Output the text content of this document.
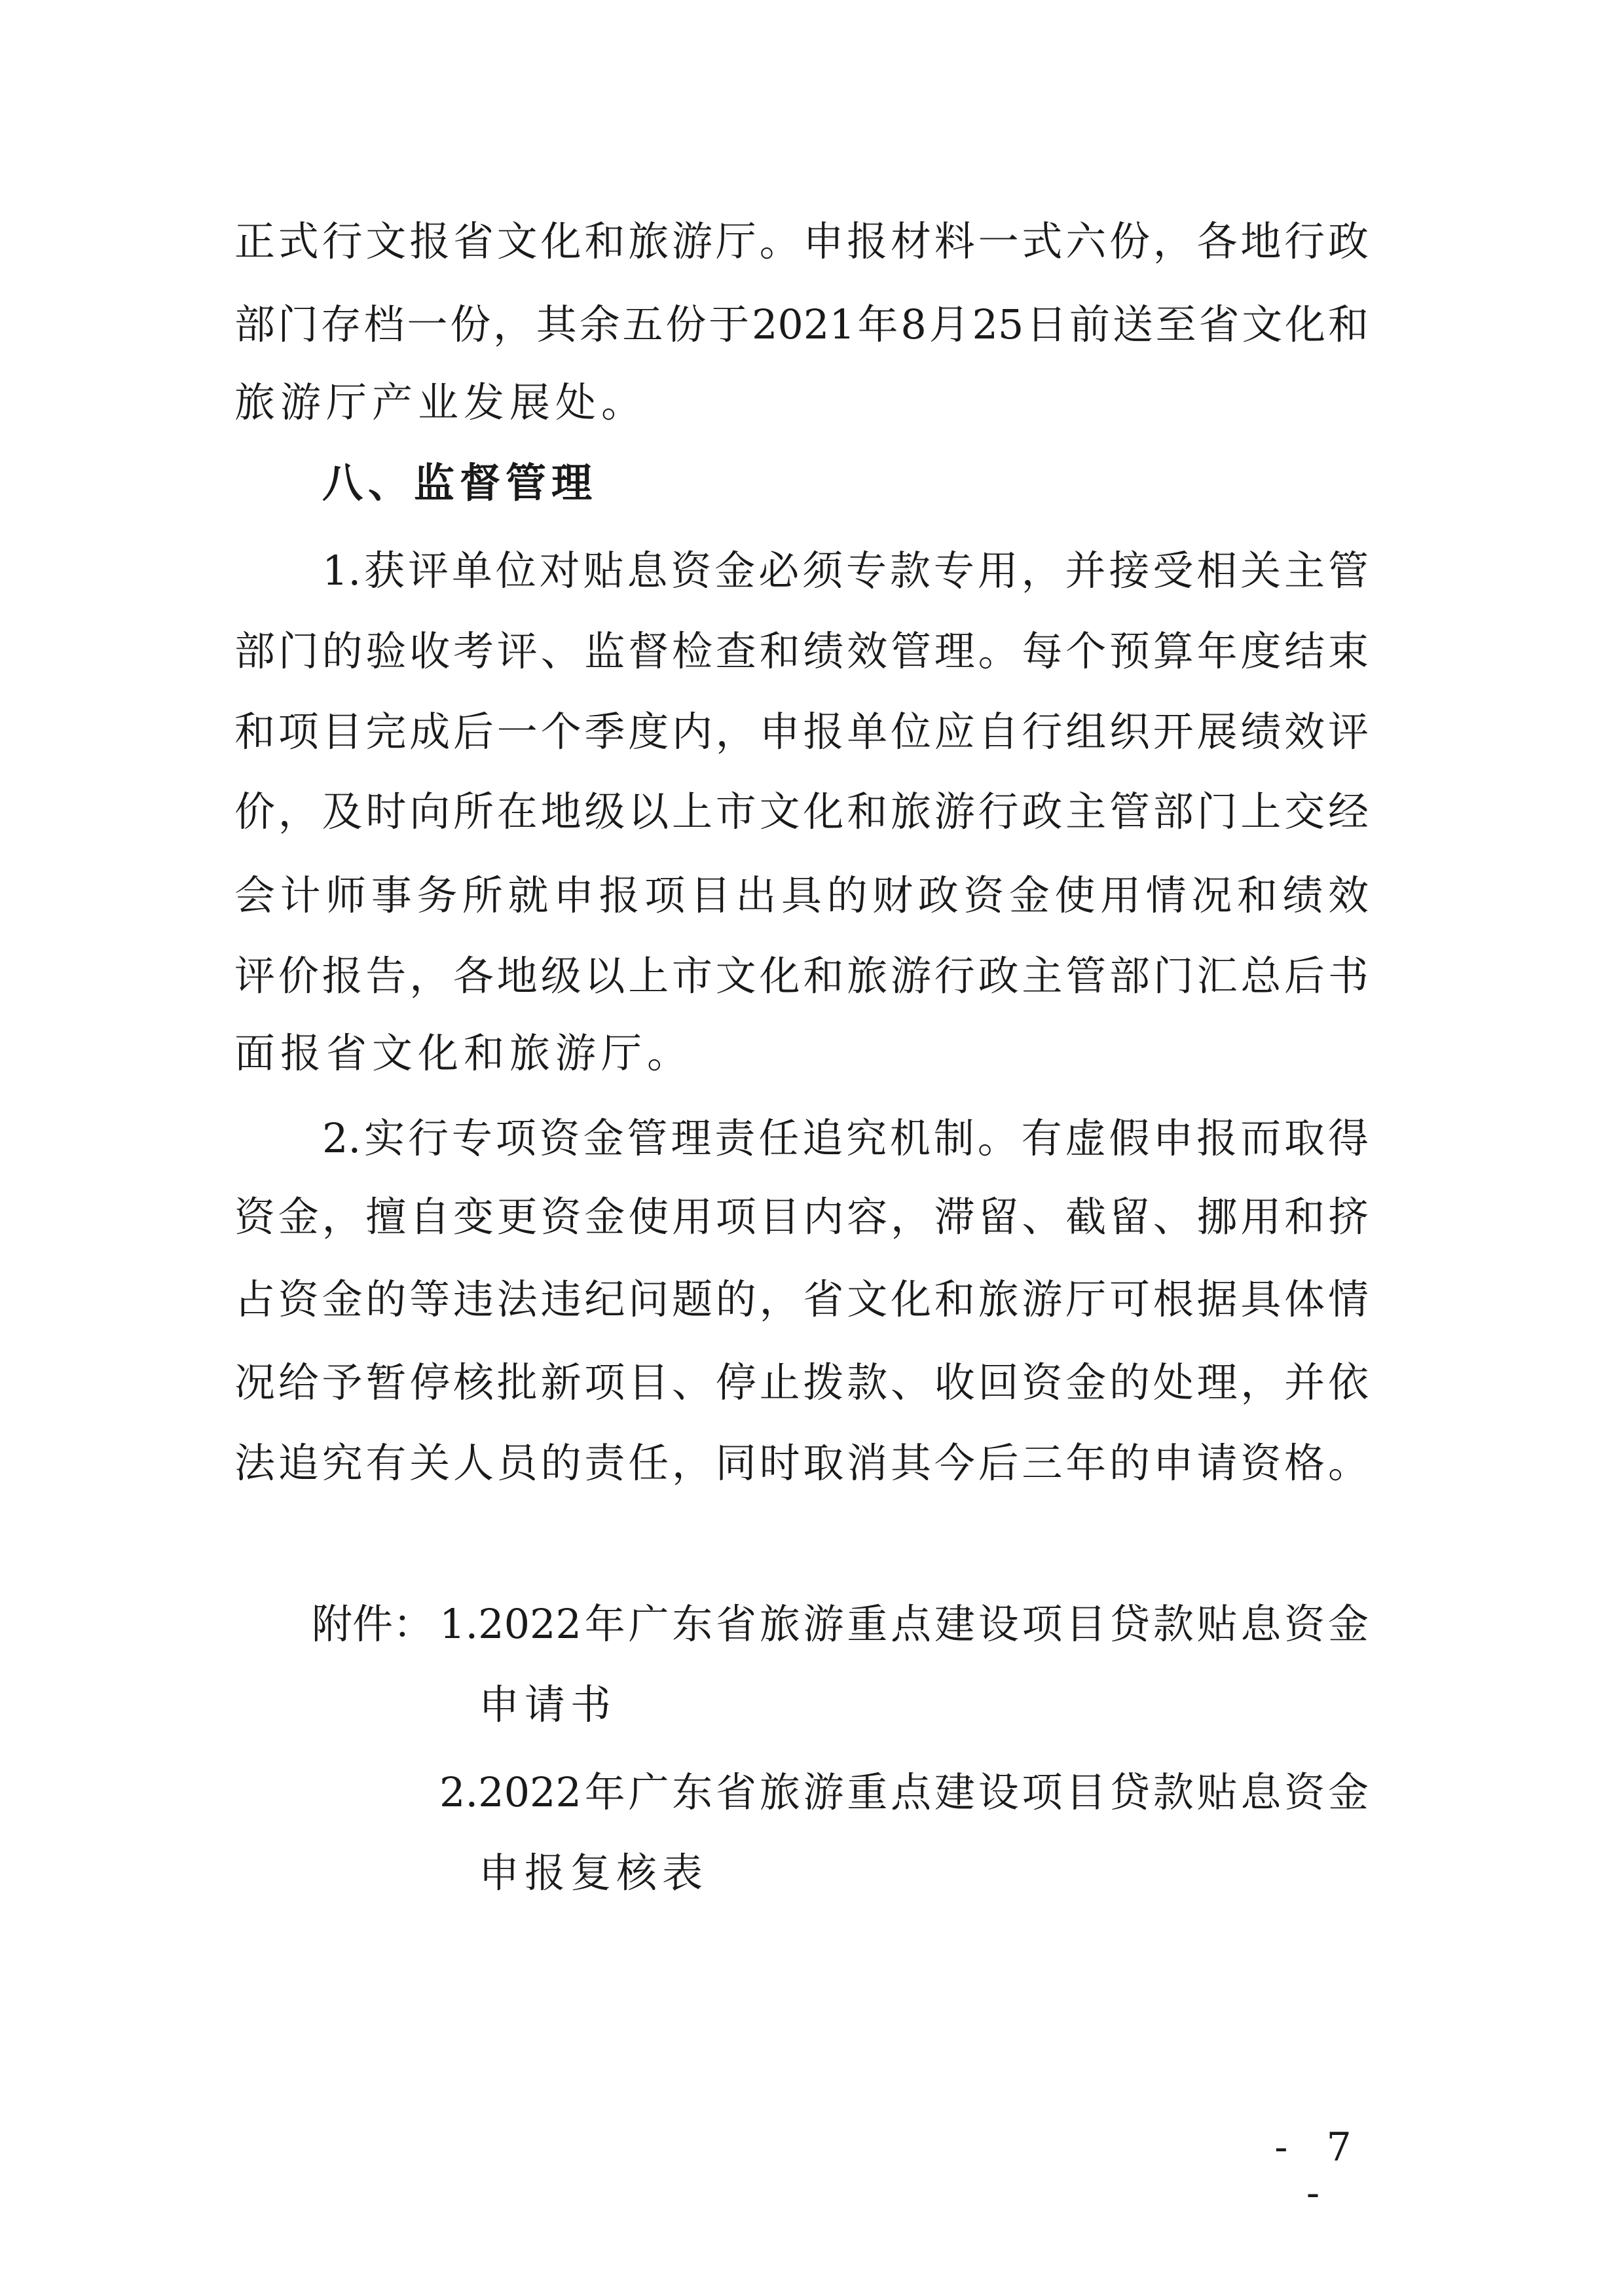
正式行文报省文化和旅游厅。申报材料一式六份，各地行政
部门存档一份，其余五份于2021年8月25日前送至省文化和
旅游厅产业发展处。
八、监督管理
1.获评单位对贴息资金必须专款专用，并接受相关主管
部门的验收考评、监督检查和绩效管理。每个预算年度结束
和项目完成后一个季度内，申报单位应自行组织开展绩效评
价，及时向所在地级以上市文化和旅游行政主管部门上交经
会计师事务所就申报项目出具的财政资金使用情况和绩效
评价报告，各地级以上市文化和旅游行政主管部门汇总后书
面报省文化和旅游厅。
2.实行专项资金管理责任追究机制。有虚假申报而取得
资金，擅自变更资金使用项目内容，滞留、截留、挪用和挤
占资金的等违法违纪问题的，省文化和旅游厅可根据具体情
况给予暂停核批新项目、停止拨款、收回资金的处理，并依
法追究有关人员的责任，同时取消其今后三年的申请资格。
附件： 1.2022年广东省旅游重点建设项目贷款贴息资金
申请书
2.2022年广东省旅游重点建设项目贷款贴息资金
申报复核表
- 7 -
